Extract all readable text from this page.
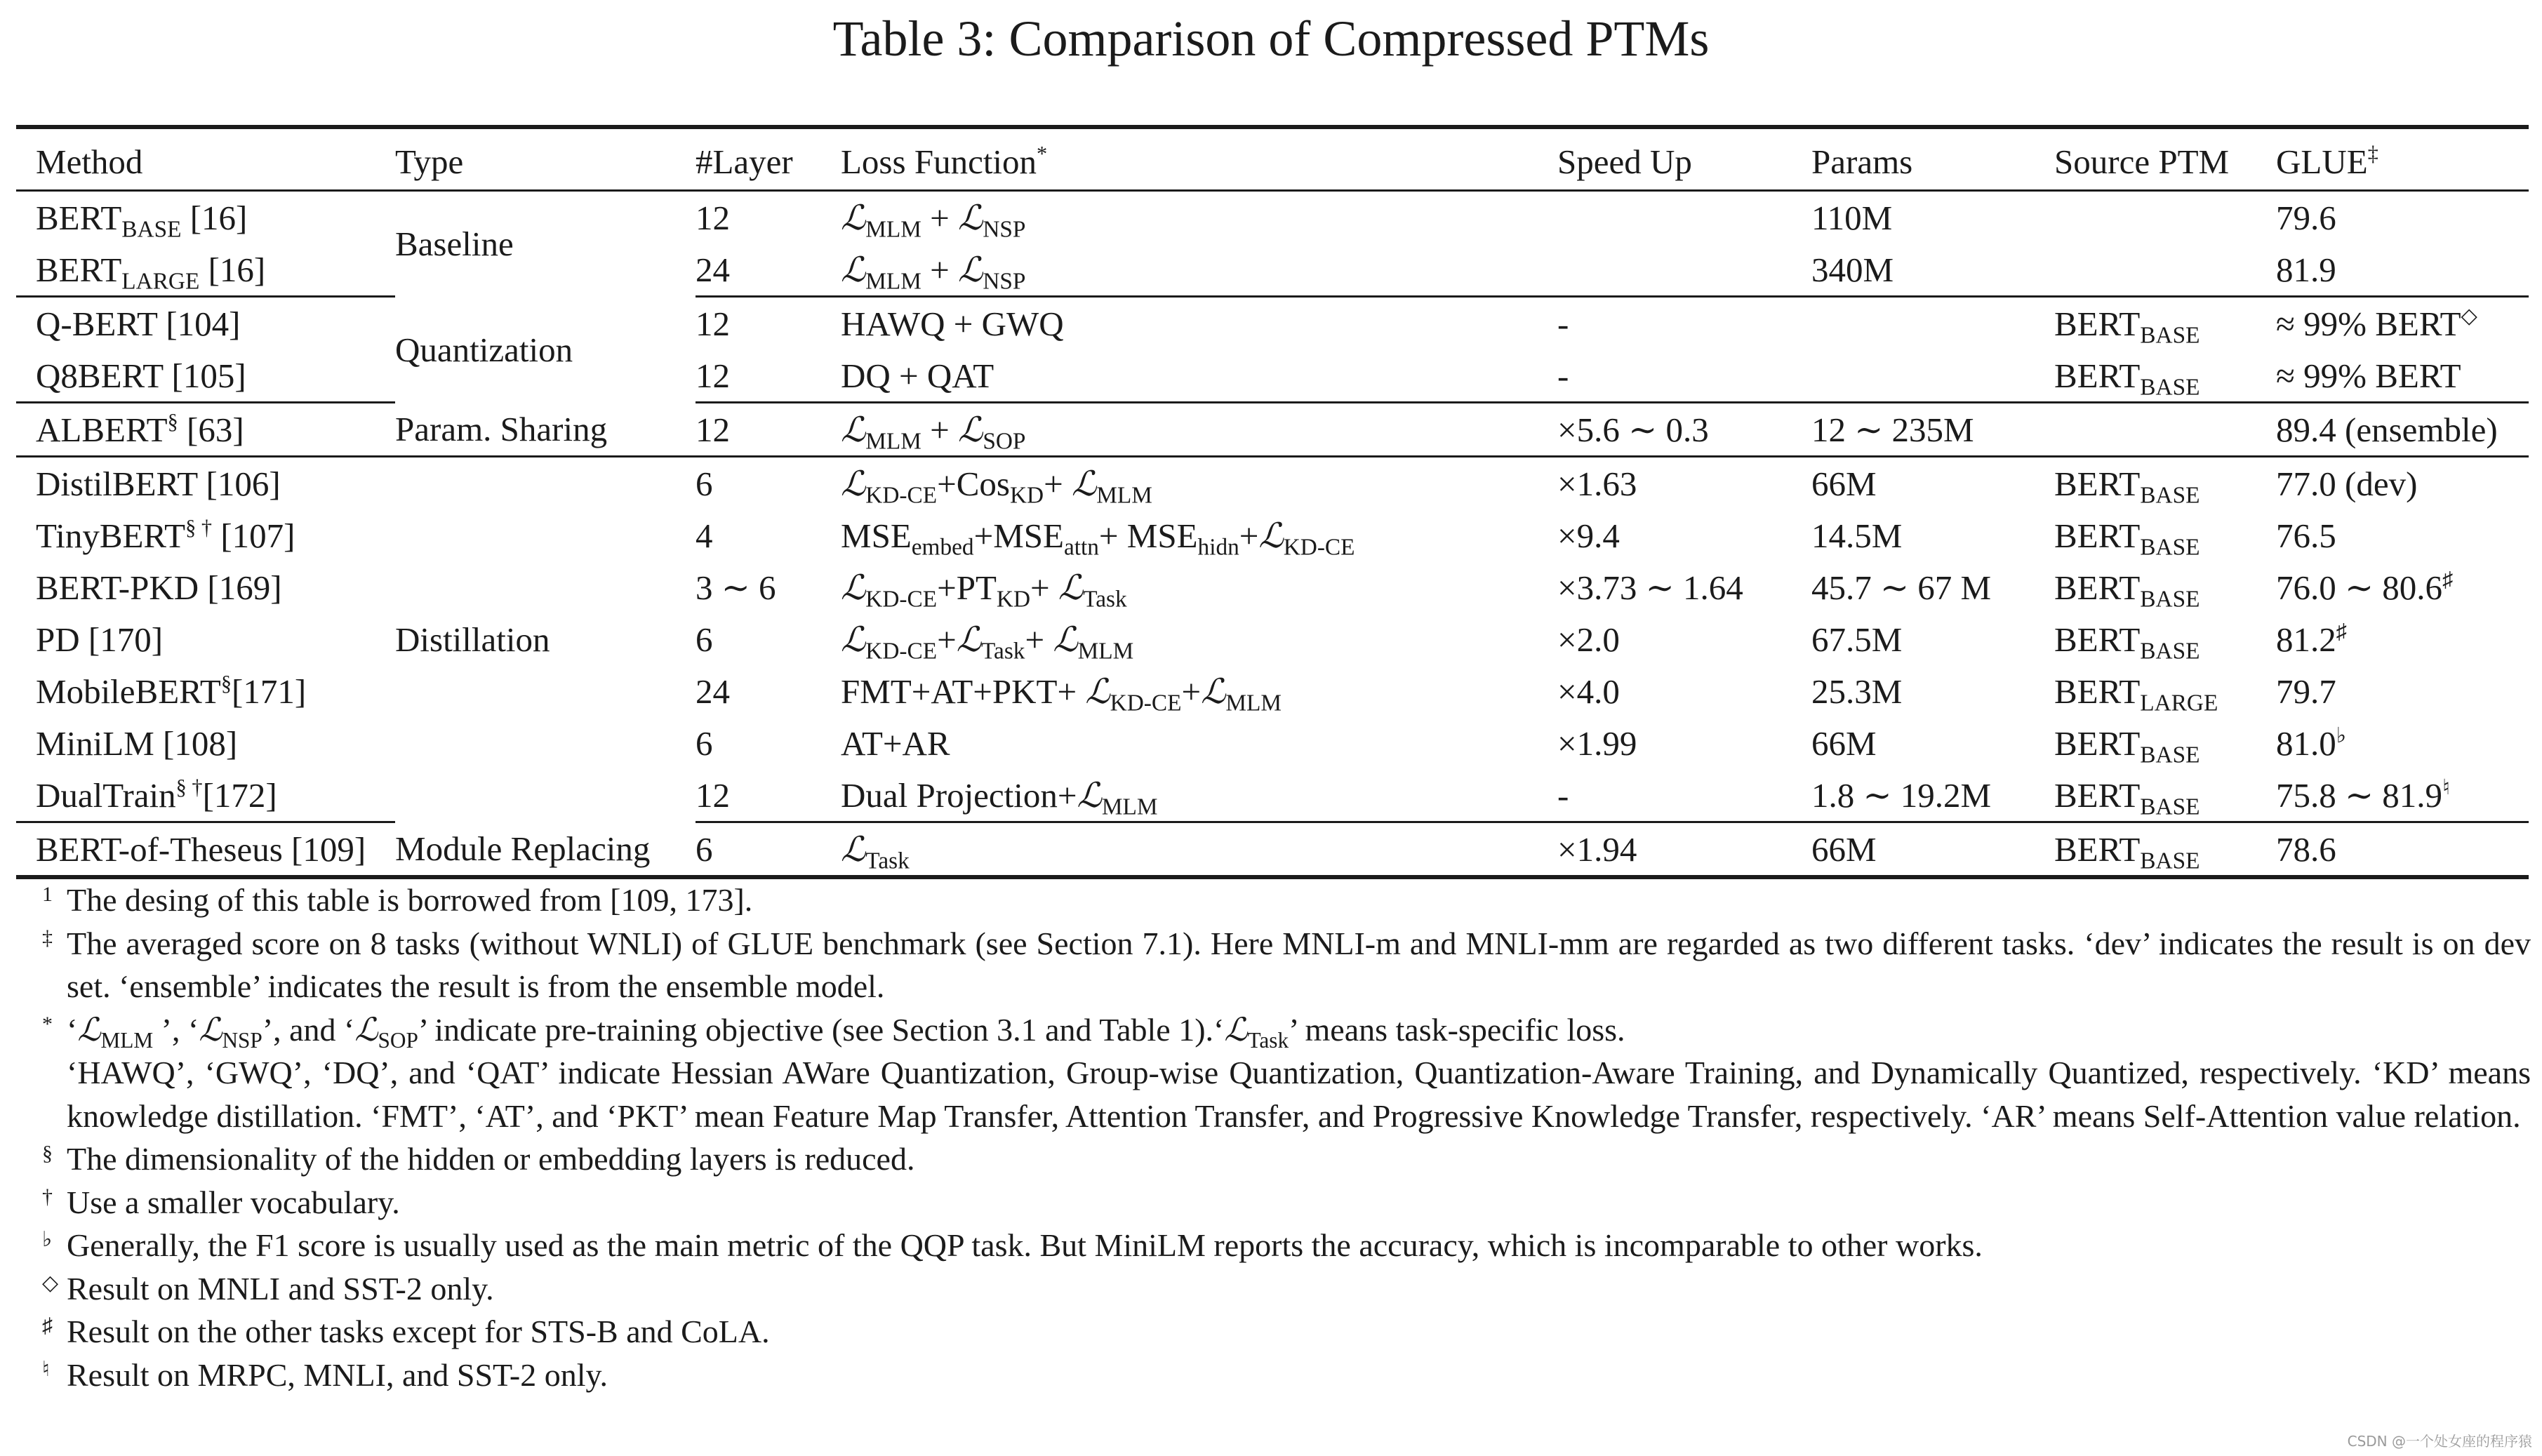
Table 3: Comparison of Compressed PTMs
Method	Type	#Layer	Loss Function*	Speed Up	Params	Source PTM	GLUE‡
$BERT_{BASE}$ [16]	Baseline	12	ℒ$_{MLM}$ + ℒ$_{NSP}$		110M		79.6
$BERT_{LARGE}$ [16]		24	ℒ$_{MLM}$ + ℒ$_{NSP}$		340M		81.9
Q-BERT [104]	Quantization	12	HAWQ + GWQ	-		$BERT_{BASE}$	≈ 99% BERT◇
Q8BERT [105]		12	DQ + QAT	-		$BERT_{BASE}$	≈ 99% BERT
ALBERT§ [63]	Param. Sharing	12	ℒ$_{MLM}$ + ℒ$_{SOP}$	×5.6 ∼ 0.3	12 ∼ 235M		89.4 (ensemble)
DistilBERT [106]	Distillation	6	ℒ$_{KD-CE}$+Cos$_{KD}$+ ℒ$_{MLM}$	×1.63	66M	$BERT_{BASE}$	77.0 (dev)
TinyBERT§ † [107]		4	$MSE_{embed}+MSE_{attn}+$ $MSE_{hidn}+ℒ_{KD-CE}$	×9.4	14.5M	$BERT_{BASE}$	76.5
BERT-PKD [169]		3 ∼ 6	$ℒ_{KD-CE}+PT_{KD}+$ ℒ$_{Task}$	×3.73 ∼ 1.64	45.7 ∼ 67 M	$BERT_{BASE}$	76.0 ∼ 80.6♯
PD [170]		6	ℒ$_{KD-CE}$+ℒ$_{Task}$+ ℒ$_{MLM}$	×2.0	67.5M	$BERT_{BASE}$	81.2♯
MobileBERT§[171]		24	FMT+AT+PKT+ ℒ$_{KD-CE}$+ℒ$_{MLM}$	×4.0	25.3M	$BERT_{LARGE}$	79.7
MiniLM [108]		6	AT+AR	×1.99	66M	$BERT_{BASE}$	81.0♭
DualTrain§ †[172]		12	Dual Projection+ℒ$_{MLM}$	-	1.8 ∼ 19.2M	$BERT_{BASE}$	75.8 ∼ 81.9♮
BERT-of-Theseus [109]	Module Replacing	6	ℒ$_{Task}$	×1.94	66M	$BERT_{BASE}$	78.6
1 The desing of this table is borrowed from [109, 173].
‡ The averaged score on 8 tasks (without WNLI) of GLUE benchmark (see Section 7.1). Here MNLI-m and MNLI-mm are regarded as two different tasks. ‘dev’ indicates the result is on dev set. ‘ensemble’ indicates the result is from the ensemble model.
* ‘ℒ$_{MLM}$ ’, ‘ℒ$_{NSP}$’, and ‘ℒ$_{SOP}$’ indicate pre-training objective (see Section 3.1 and Table 1).‘ℒ$_{Task}$’ means task-specific loss.
‘HAWQ’, ‘GWQ’, ‘DQ’, and ‘QAT’ indicate Hessian AWare Quantization, Group-wise Quantization, Quantization-Aware Training, and Dynamically Quantized, respectively. ‘KD’ means knowledge distillation. ‘FMT’, ‘AT’, and ‘PKT’ mean Feature Map Transfer, Attention Transfer, and Progressive Knowledge Transfer, respectively. ‘AR’ means Self-Attention value relation.
§ The dimensionality of the hidden or embedding layers is reduced.
† Use a smaller vocabulary.
♭ Generally, the F1 score is usually used as the main metric of the QQP task. But MiniLM reports the accuracy, which is incomparable to other works.
◇ Result on MNLI and SST-2 only.
♯ Result on the other tasks except for STS-B and CoLA.
♮ Result on MRPC, MNLI, and SST-2 only.
CSDN @一个处女座的程序猿
